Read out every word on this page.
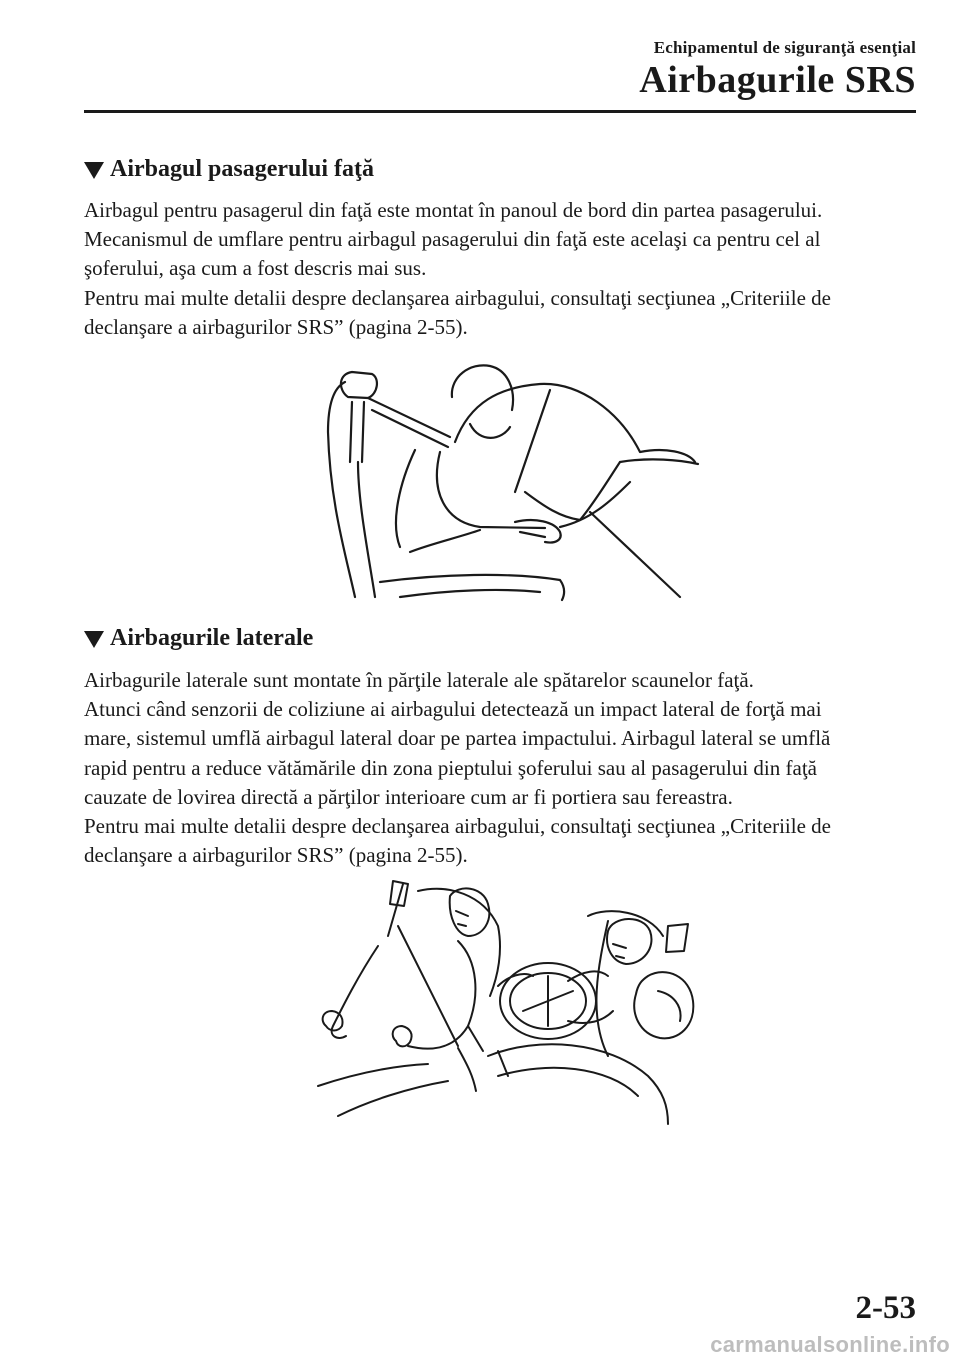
Echipamentul de siguranţă esenţial
Airbagurile SRS
Airbagul pasagerului faţă
Airbagul pentru pasagerul din faţă este montat în panoul de bord din partea pasagerului.
Mecanismul de umflare pentru airbagul pasagerului din faţă este acelaşi ca pentru cel al
şoferului, aşa cum a fost descris mai sus.
Pentru mai multe detalii despre declanşarea airbagului, consultaţi secţiunea „Criteriile de
declanşare a airbagurilor SRS” (pagina 2-55).
Airbagurile laterale
Airbagurile laterale sunt montate în părţile laterale ale spătarelor scaunelor faţă.
Atunci când senzorii de coliziune ai airbagului detectează un impact lateral de forţă mai
mare, sistemul umflă airbagul lateral doar pe partea impactului. Airbagul lateral se umflă
rapid pentru a reduce vătămările din zona pieptului şoferului sau al pasagerului din faţă
cauzate de lovirea directă a părţilor interioare cum ar fi portiera sau fereastra.
Pentru mai multe detalii despre declanşarea airbagului, consultaţi secţiunea „Criteriile de
declanşare a airbagurilor SRS” (pagina 2-55).
2-53
carmanualsonline.info
